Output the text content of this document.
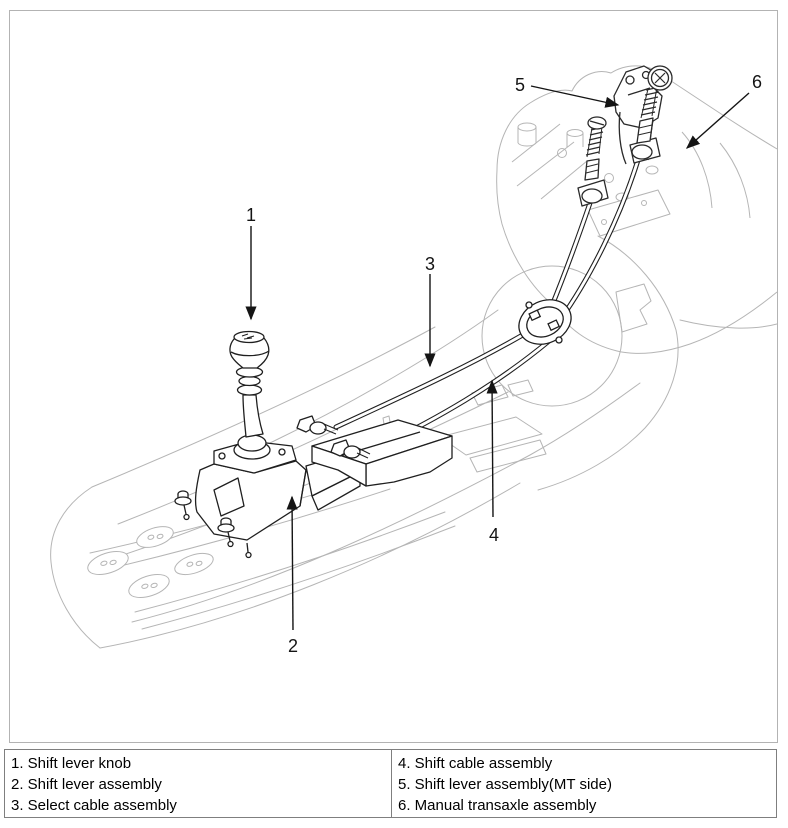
1
2
3
4
5	6
1. Shift lever knob
2. Shift lever assembly
3. Select cable assembly
4. Shift cable assembly
5. Shift lever assembly(MT side)
6. Manual transaxle assembly
